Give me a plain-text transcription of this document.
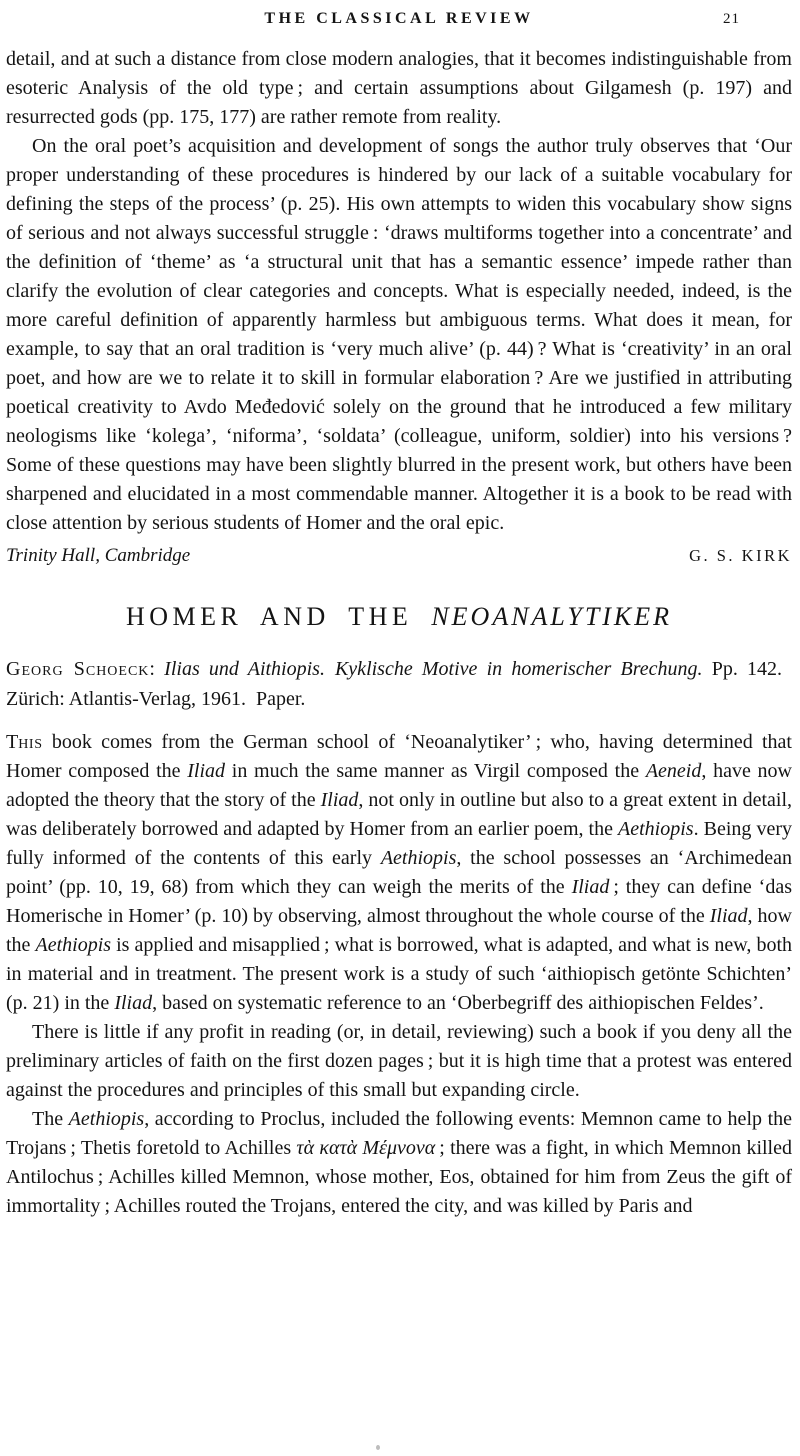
THE CLASSICAL REVIEW	21

detail, and at such a distance from close modern analogies, that it becomes indistinguishable from esoteric Analysis of the old type ; and certain assumptions about Gilgamesh (p. 197) and resurrected gods (pp. 175, 177) are rather remote from reality.

On the oral poet’s acquisition and development of songs the author truly observes that ‘Our proper understanding of these procedures is hindered by our lack of a suitable vocabulary for defining the steps of the process’ (p. 25). His own attempts to widen this vocabulary show signs of serious and not always successful struggle : ‘draws multiforms together into a concentrate’ and the definition of ‘theme’ as ‘a structural unit that has a semantic essence’ impede rather than clarify the evolution of clear categories and concepts. What is especially needed, indeed, is the more careful definition of apparently harmless but ambiguous terms. What does it mean, for example, to say that an oral tradition is ‘very much alive’ (p. 44) ? What is ‘creativity’ in an oral poet, and how are we to relate it to skill in formular elaboration ? Are we justified in attributing poetical creativity to Avdo Međedović solely on the ground that he introduced a few military neologisms like ‘kolega’, ‘niforma’, ‘soldata’ (colleague, uniform, soldier) into his versions ? Some of these questions may have been slightly blurred in the present work, but others have been sharpened and elucidated in a most commendable manner. Altogether it is a book to be read with close attention by serious students of Homer and the oral epic.

Trinity Hall, Cambridge	G. S. KIRK
HOMER AND THE NEOANALYTIKER

Georg Schoeck: Ilias und Aithiopis.  Kyklische Motive in homerischer Brechung. Pp. 142. Zürich: Atlantis-Verlag, 1961. Paper.

This book comes from the German school of ‘Neoanalytiker’ ; who, having determined that Homer composed the Iliad in much the same manner as Virgil composed the Aeneid, have now adopted the theory that the story of the Iliad, not only in outline but also to a great extent in detail, was deliberately borrowed and adapted by Homer from an earlier poem, the Aethiopis. Being very fully informed of the contents of this early Aethiopis, the school possesses an ‘Archimedean point’ (pp. 10, 19, 68) from which they can weigh the merits of the Iliad ; they can define ‘das Homerische in Homer’ (p. 10) by observing, almost throughout the whole course of the Iliad, how the Aethiopis is applied and misapplied ; what is borrowed, what is adapted, and what is new, both in material and in treatment. The present work is a study of such ‘aithiopisch getönte Schichten’ (p. 21) in the Iliad, based on systematic reference to an ‘Oberbegriff des aithiopischen Feldes’.

There is little if any profit in reading (or, in detail, reviewing) such a book if you deny all the preliminary articles of faith on the first dozen pages ; but it is high time that a protest was entered against the procedures and principles of this small but expanding circle.

The Aethiopis, according to Proclus, included the following events: Memnon came to help the Trojans ; Thetis foretold to Achilles τὰ κατὰ Μέμνονα ; there was a fight, in which Memnon killed Antilochus ; Achilles killed Memnon, whose mother, Eos, obtained for him from Zeus the gift of immortality ; Achilles routed the Trojans, entered the city, and was killed by Paris and
